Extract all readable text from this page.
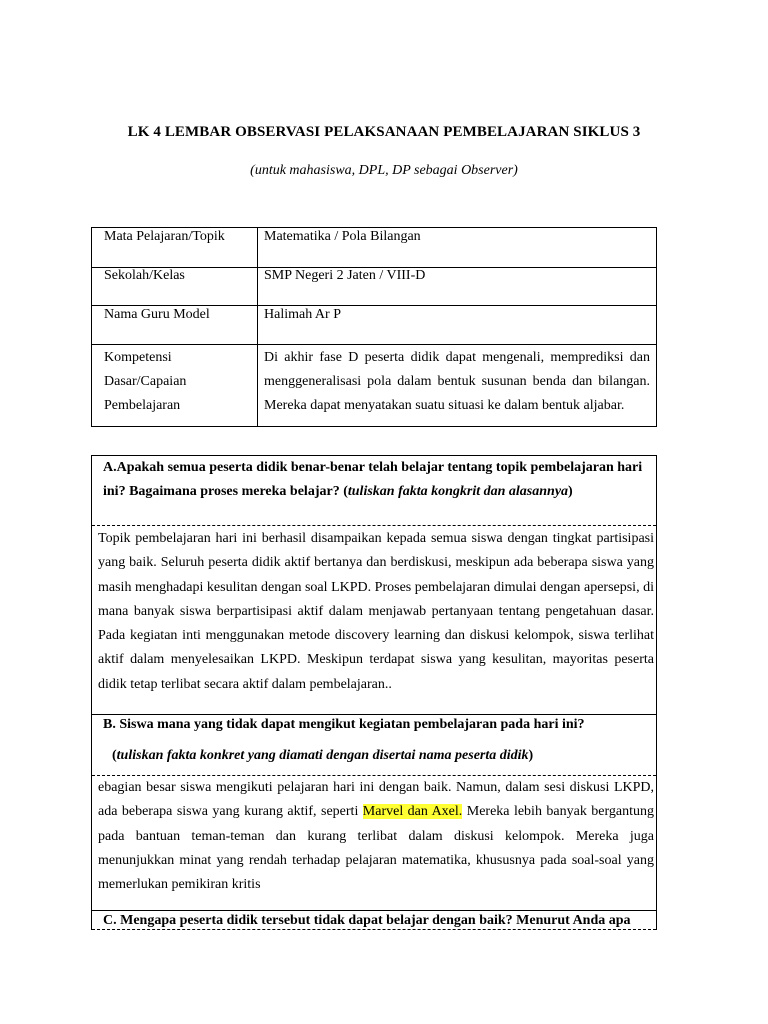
LK 4 LEMBAR OBSERVASI PELAKSANAAN PEMBELAJARAN SIKLUS 3
(untuk mahasiswa, DPL, DP sebagai Observer)
Mata Pelajaran/Topik	Matematika / Pola Bilangan
Sekolah/Kelas	SMP Negeri 2 Jaten / VIII-D
Nama Guru Model	Halimah Ar P

Kompetensi
Dasar/Capaian
Pembelajaran	Di akhir fase D peserta didik dapat mengenali, memprediksi dan menggeneralisasi pola dalam bentuk susunan benda dan bilangan. Mereka dapat menyatakan suatu situasi ke dalam bentuk aljabar.
A.Apakah semua peserta didik benar-benar telah belajar tentang topik pembelajaran hari ini? Bagaimana proses mereka belajar? (tuliskan fakta kongkrit dan alasannya)
Topik pembelajaran hari ini berhasil disampaikan kepada semua siswa dengan tingkat partisipasi yang baik. Seluruh peserta didik aktif bertanya dan berdiskusi, meskipun ada beberapa siswa yang masih menghadapi kesulitan dengan soal LKPD. Proses pembelajaran dimulai dengan apersepsi, di mana banyak siswa berpartisipasi aktif dalam menjawab pertanyaan tentang pengetahuan dasar. Pada kegiatan inti menggunakan metode discovery learning dan diskusi kelompok, siswa terlihat aktif dalam menyelesaikan LKPD. Meskipun terdapat siswa yang kesulitan, mayoritas peserta didik tetap terlibat secara aktif dalam pembelajaran..
B. Siswa mana yang tidak dapat mengikut kegiatan pembelajaran pada hari ini?
(tuliskan fakta konkret yang diamati dengan disertai nama peserta didik)
ebagian besar siswa mengikuti pelajaran hari ini dengan baik. Namun, dalam sesi diskusi LKPD, ada beberapa siswa yang kurang aktif, seperti Marvel dan Axel. Mereka lebih banyak bergantung pada bantuan teman-teman dan kurang terlibat dalam diskusi kelompok. Mereka juga menunjukkan minat yang rendah terhadap pelajaran matematika, khususnya pada soal-soal yang memerlukan pemikiran kritis
C. Mengapa peserta didik tersebut tidak dapat belajar dengan baik? Menurut Anda apa
